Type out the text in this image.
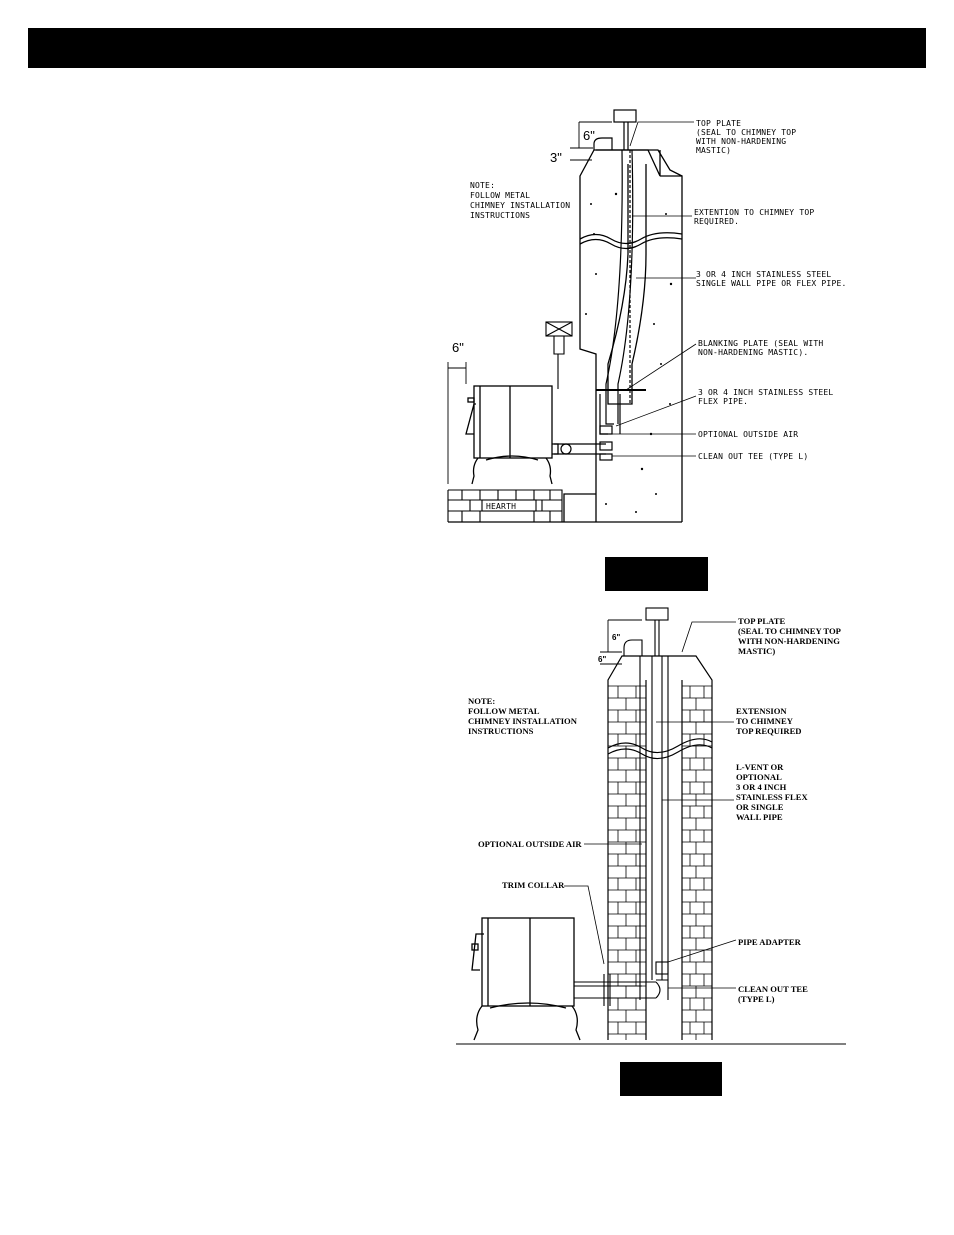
HEARTH
6"
3"
6"
NOTE:
FOLLOW METAL
CHIMNEY INSTALLATION
INSTRUCTIONS
TOP PLATE
(SEAL TO CHIMNEY TOP
WITH NON-HARDENING
MASTIC)
EXTENTION TO CHIMNEY TOP
REQUIRED.
3 OR 4 INCH STAINLESS STEEL
SINGLE WALL PIPE OR FLEX PIPE.
BLANKING PLATE (SEAL WITH
NON-HARDENING MASTIC).
3 OR 4 INCH STAINLESS STEEL
FLEX PIPE.
OPTIONAL OUTSIDE AIR
CLEAN OUT TEE (TYPE L)
6"
6"
NOTE:
FOLLOW METAL
CHIMNEY INSTALLATION
INSTRUCTIONS
TOP PLATE
(SEAL TO CHIMNEY TOP
WITH NON-HARDENING
MASTIC)
EXTENSION
TO CHIMNEY
TOP REQUIRED
L-VENT OR
OPTIONAL
3 OR 4 INCH
STAINLESS FLEX
OR SINGLE
WALL PIPE
OPTIONAL OUTSIDE AIR
TRIM COLLAR
PIPE ADAPTER
CLEAN OUT TEE
(TYPE L)
